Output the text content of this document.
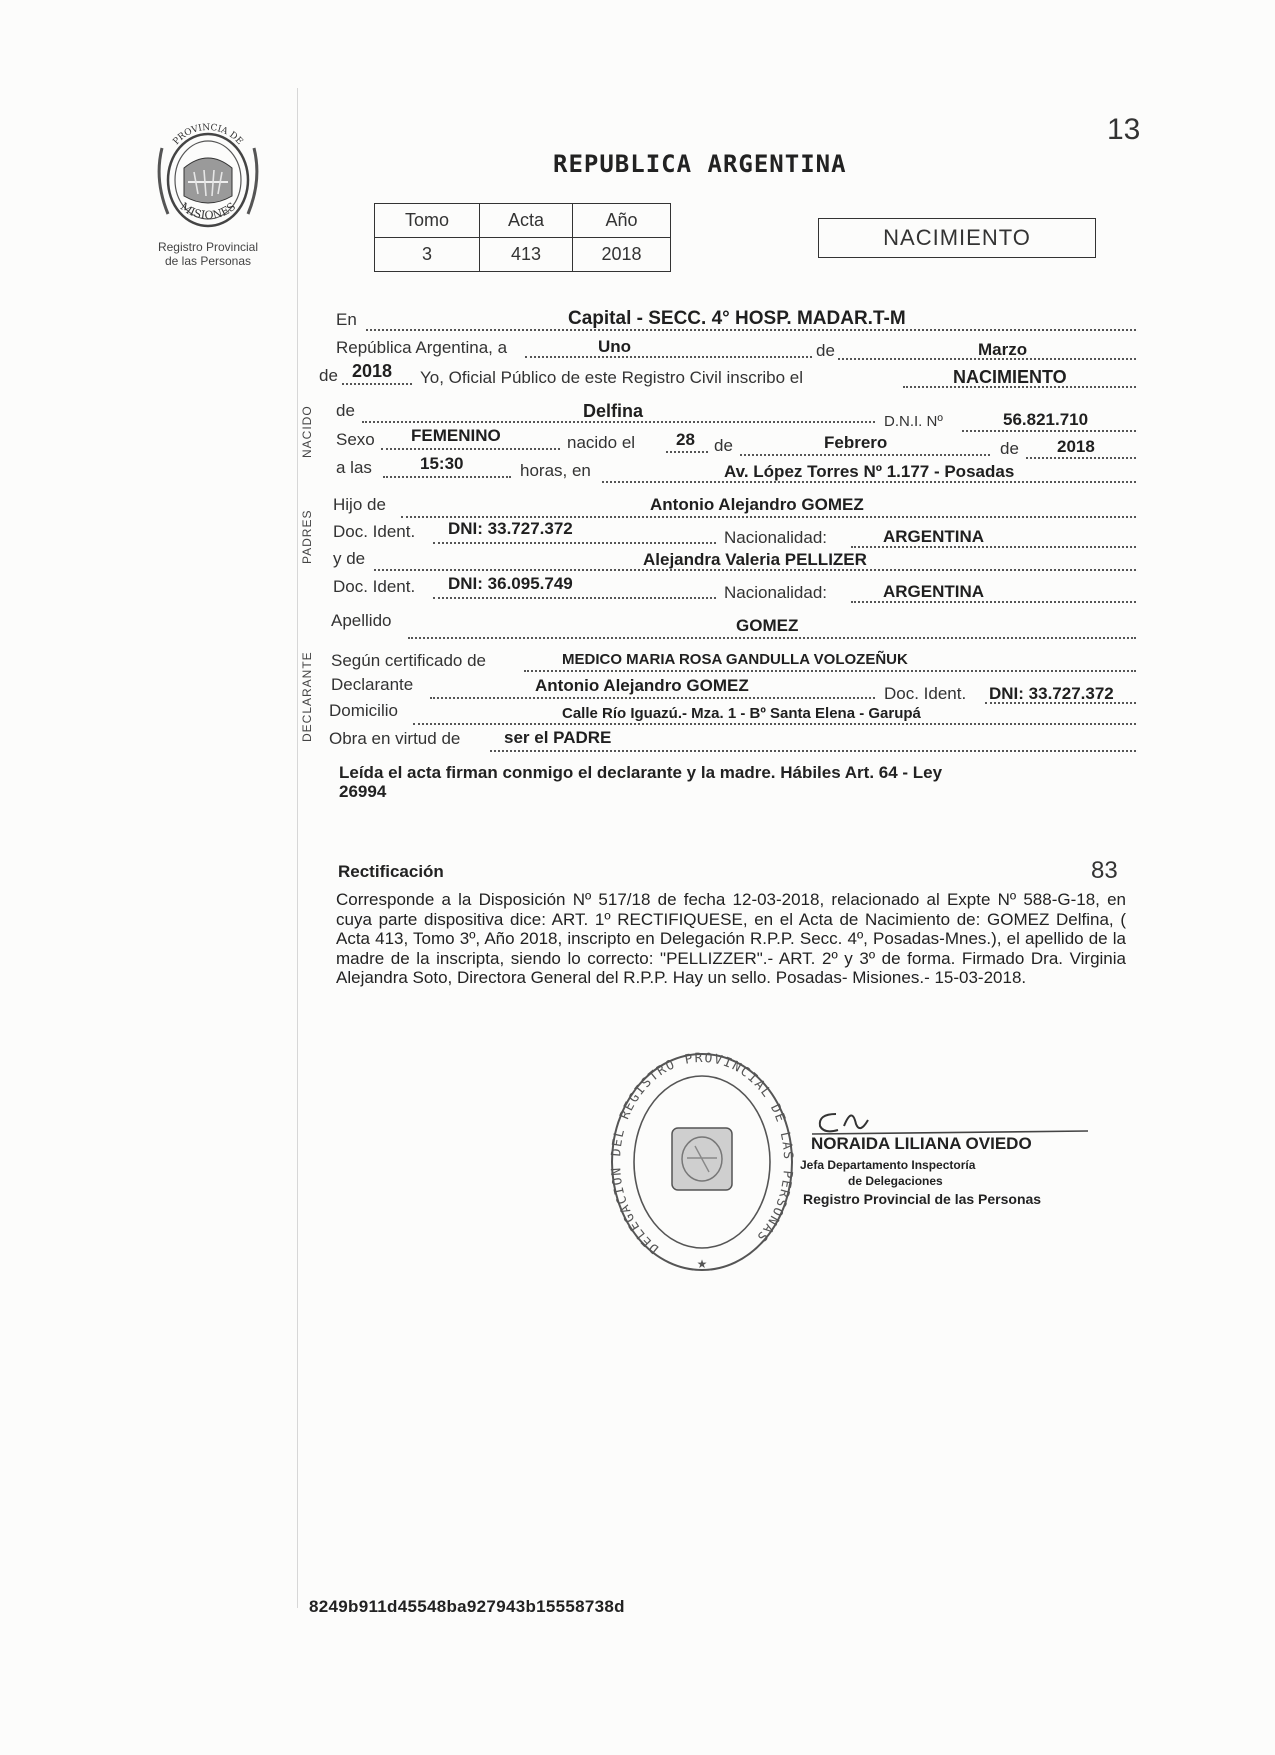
PROVINCIA DE
MISIONES
Registro Provincial
de las Personas
13
REPUBLICA ARGENTINA
Tomo	Acta	Año
3	413	2018
NACIMIENTO
NACIDO
PADRES
DECLARANTE
En	Capital - SECC. 4° HOSP. MADAR.T-M
República Argentina, a	Uno	de	Marzo
de 2018 Yo, Oficial Público de este Registro Civil inscribo el	NACIMIENTO
de	Delfina
D.N.I. Nº	56.821.710
Sexo FEMENINO	nacido el 28 de	Febrero	de 2018
a las	15:30	horas, en	Av. López Torres Nº 1.177 - Posadas
Hijo de	Antonio Alejandro GOMEZ
Doc. Ident. DNI: 33.727.372	Nacionalidad:	ARGENTINA
y de	Alejandra Valeria PELLIZER
Doc. Ident. DNI: 36.095.749	Nacionalidad:	ARGENTINA
Apellido	GOMEZ
Según certificado de	MEDICO MARIA ROSA GANDULLA VOLOZEÑUK
Declarante	Antonio Alejandro GOMEZ	Doc. Ident. DNI: 33.727.372
Domicilio	Calle Río Iguazú.- Mza. 1 - Bº Santa Elena - Garupá
Obra en virtud de	ser el PADRE
Leída el acta firman conmigo el declarante y la madre. Hábiles Art. 64 - Ley
26994
Rectificación	83
Corresponde a la Disposición Nº 517/18 de fecha 12-03-2018, relacionado al Expte Nº 588-G-18, en cuya parte dispositiva dice: ART. 1º RECTIFIQUESE, en el Acta de Nacimiento de: GOMEZ Delfina, ( Acta 413, Tomo 3º, Año 2018, inscripto en Delegación R.P.P. Secc. 4º, Posadas-Mnes.), el apellido de la madre de la inscripta, siendo lo correcto: "PELLIZZER".- ART. 2º y 3º de forma. Firmado Dra. Virginia Alejandra Soto, Directora General del R.P.P. Hay un sello. Posadas- Misiones.- 15-03-2018.
DELEGACION DEL REGISTRO PROVINCIAL DE LAS PERSONAS
★
NORAIDA LILIANA OVIEDO
Jefa Departamento Inspectoría
de Delegaciones
Registro Provincial de las Personas
8249b911d45548ba927943b15558738d
